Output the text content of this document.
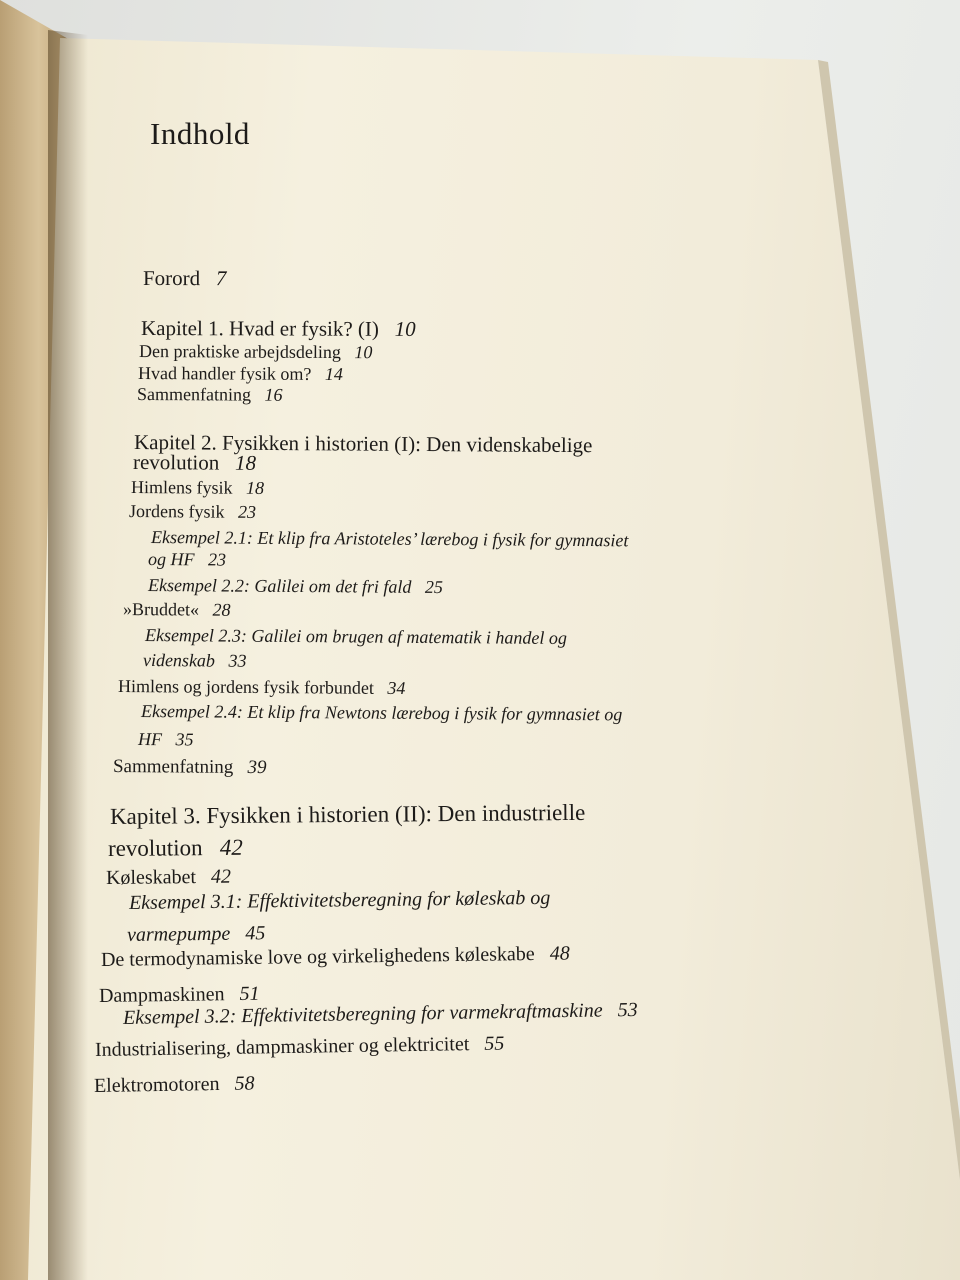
Indhold
Forord 7
Kapitel 1. Hvad er fysik? (I) 10
Den praktiske arbejdsdeling 10
Hvad handler fysik om? 14
Sammenfatning 16
Kapitel 2. Fysikken i historien (I): Den videnskabelige
revolution 18
Himlens fysik 18
Jordens fysik 23
Eksempel 2.1: Et klip fra Aristoteles’ lærebog i fysik for gymnasiet
og HF 23
Eksempel 2.2: Galilei om det fri fald 25
»Bruddet« 28
Eksempel 2.3: Galilei om brugen af matematik i handel og
videnskab 33
Himlens og jordens fysik forbundet 34
Eksempel 2.4: Et klip fra Newtons lærebog i fysik for gymnasiet og
HF 35
Sammenfatning 39
Kapitel 3. Fysikken i historien (II): Den industrielle
revolution 42
Køleskabet 42
Eksempel 3.1: Effektivitetsberegning for køleskab og
varmepumpe 45
De termodynamiske love og virkelighedens køleskabe 48
Dampmaskinen 51
Eksempel 3.2: Effektivitetsberegning for varmekraftmaskine 53
Industrialisering, dampmaskiner og elektricitet 55
Elektromotoren 58
